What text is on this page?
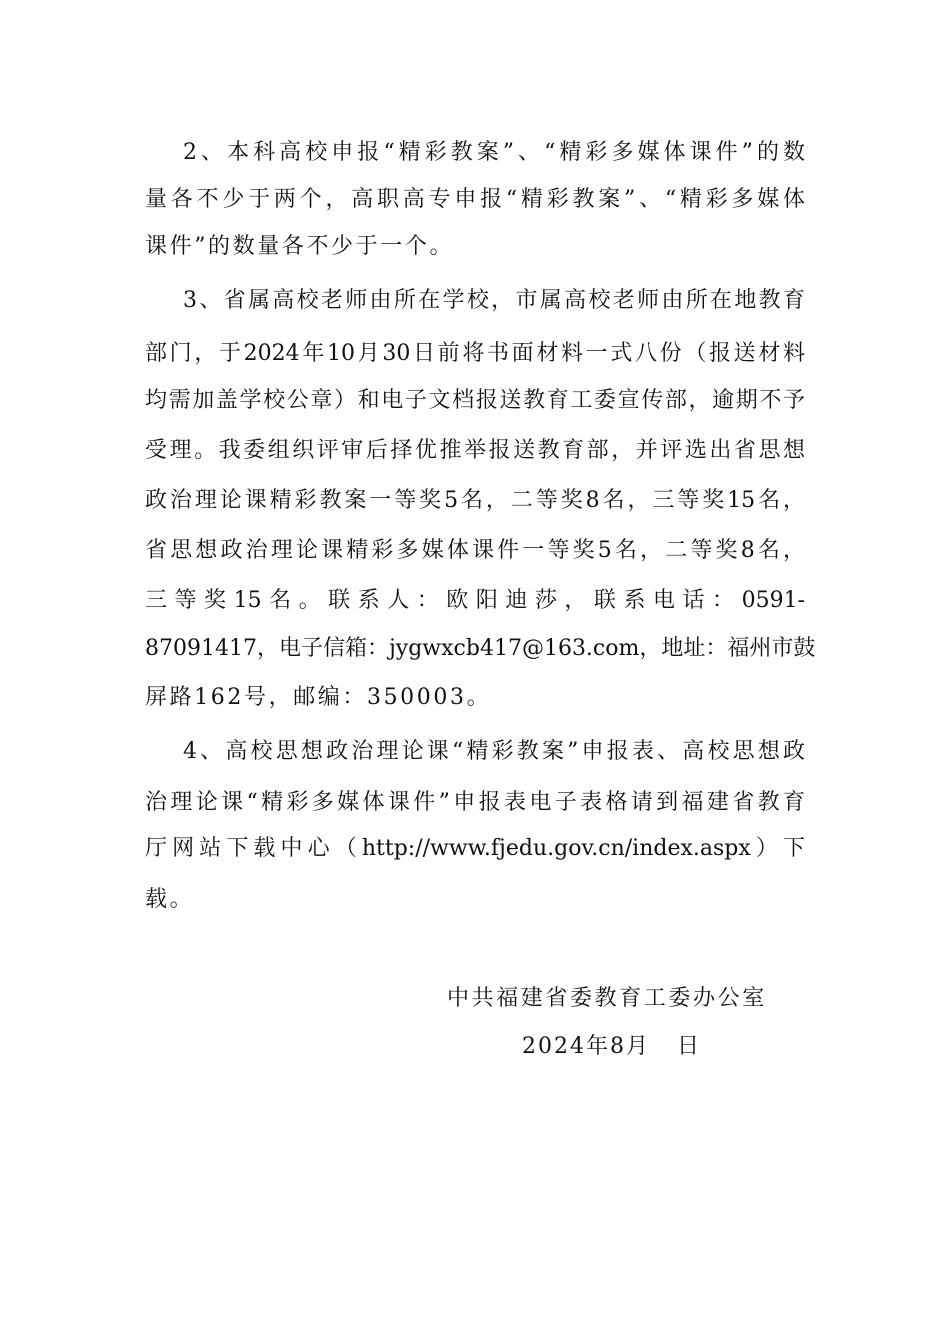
2、本科高校申报“精彩教案”、“精彩多媒体课件”的数
量各不少于两个，高职高专申报“精彩教案”、“精彩多媒体
课件”的数量各不少于一个。
3、省属高校老师由所在学校，市属高校老师由所在地教育
部门，于2024年10月30日前将书面材料一式八份（报送材料
均需加盖学校公章）和电子文档报送教育工委宣传部，逾期不予
受理。我委组织评审后择优推举报送教育部，并评选出省思想
政治理论课精彩教案一等奖5名，二等奖8名，三等奖15名，
省思想政治理论课精彩多媒体课件一等奖5名，二等奖8名，
三等奖15名。联系人：欧阳迪莎，联系电话：0591-
87091417，电子信箱：jygwxcb417@163.com，地址：福州市鼓
屏路162号，邮编：350003。
4、高校思想政治理论课“精彩教案”申报表、高校思想政
治理论课“精彩多媒体课件”申报表电子表格请到福建省教育
厅网站下载中心（http://www.fjedu.gov.cn/index.aspx）下
载。
中共福建省委教育工委办公室
2024年8月   日
